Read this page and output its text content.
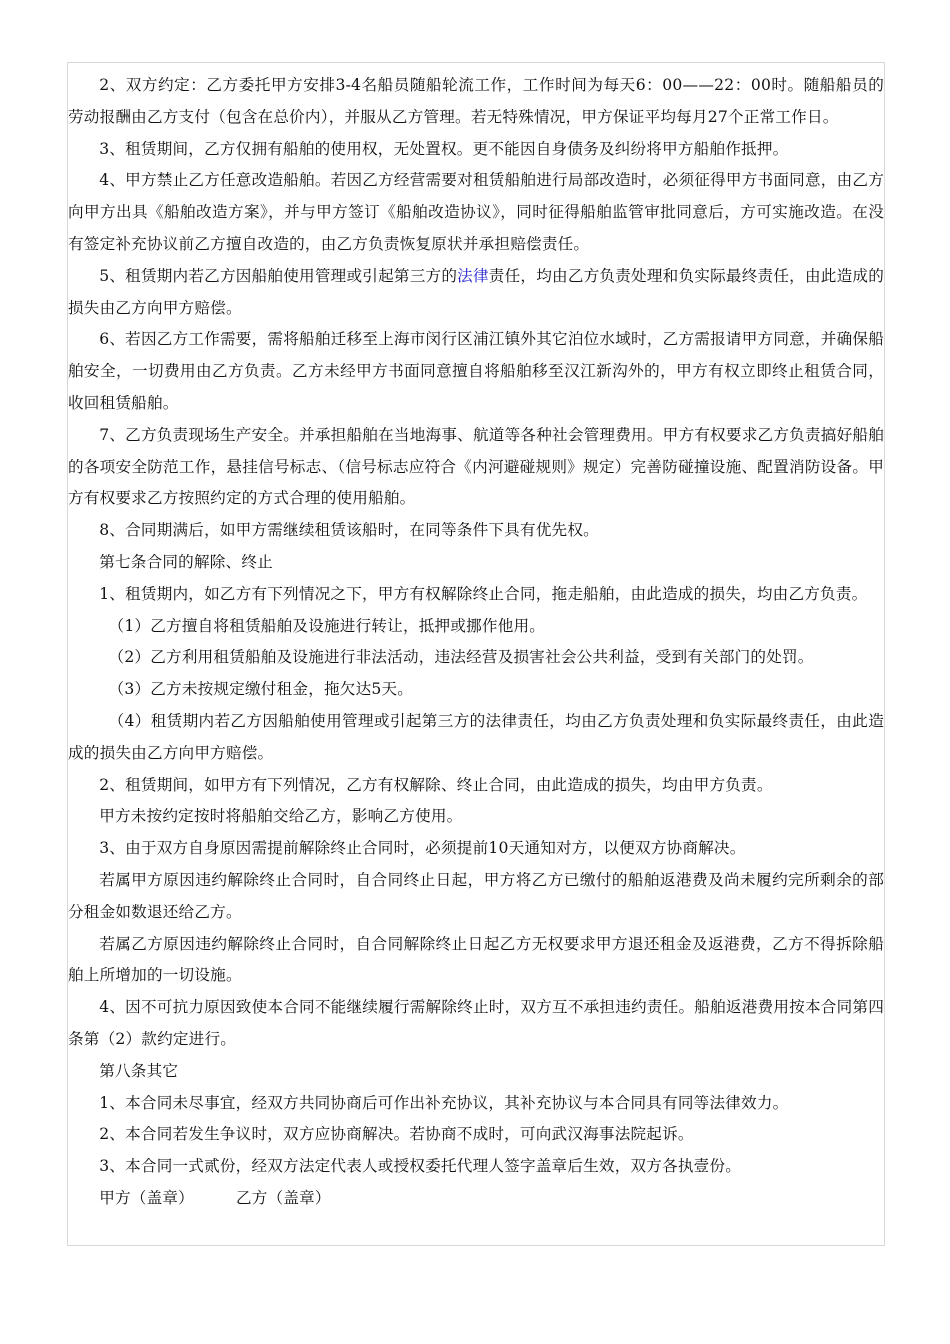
2、双方约定：乙方委托甲方安排3-4名船员随船轮流工作，工作时间为每天6：00——22：00时。随船船员的劳动报酬由乙方支付（包含在总价内），并服从乙方管理。若无特殊情况，甲方保证平均每月27个正常工作日。

3、租赁期间，乙方仅拥有船舶的使用权，无处置权。更不能因自身债务及纠纷将甲方船舶作抵押。

4、甲方禁止乙方任意改造船舶。若因乙方经营需要对租赁船舶进行局部改造时，必须征得甲方书面同意，由乙方向甲方出具《船舶改造方案》，并与甲方签订《船舶改造协议》，同时征得船舶监管审批同意后，方可实施改造。在没有签定补充协议前乙方擅自改造的，由乙方负责恢复原状并承担赔偿责任。

5、租赁期内若乙方因船舶使用管理或引起第三方的法律责任，均由乙方负责处理和负实际最终责任，由此造成的损失由乙方向甲方赔偿。

6、若因乙方工作需要，需将船舶迁移至上海市闵行区浦江镇外其它泊位水域时，乙方需报请甲方同意，并确保船舶安全，一切费用由乙方负责。乙方未经甲方书面同意擅自将船舶移至汉江新沟外的，甲方有权立即终止租赁合同，收回租赁船舶。

7、乙方负责现场生产安全。并承担船舶在当地海事、航道等各种社会管理费用。甲方有权要求乙方负责搞好船舶的各项安全防范工作，悬挂信号标志、（信号标志应符合《内河避碰规则》规定）完善防碰撞设施、配置消防设备。甲方有权要求乙方按照约定的方式合理的使用船舶。

8、合同期满后，如甲方需继续租赁该船时，在同等条件下具有优先权。

第七条合同的解除、终止

1、租赁期内，如乙方有下列情况之下，甲方有权解除终止合同，拖走船舶，由此造成的损失，均由乙方负责。

（1）乙方擅自将租赁船舶及设施进行转让，抵押或挪作他用。

（2）乙方利用租赁船舶及设施进行非法活动，违法经营及损害社会公共利益，受到有关部门的处罚。

（3）乙方未按规定缴付租金，拖欠达5天。

（4）租赁期内若乙方因船舶使用管理或引起第三方的法律责任，均由乙方负责处理和负实际最终责任，由此造成的损失由乙方向甲方赔偿。

2、租赁期间，如甲方有下列情况，乙方有权解除、终止合同，由此造成的损失，均由甲方负责。

甲方未按约定按时将船舶交给乙方，影响乙方使用。

3、由于双方自身原因需提前解除终止合同时，必须提前10天通知对方，以便双方协商解决。

若属甲方原因违约解除终止合同时，自合同终止日起，甲方将乙方已缴付的船舶返港费及尚未履约完所剩余的部分租金如数退还给乙方。

若属乙方原因违约解除终止合同时，自合同解除终止日起乙方无权要求甲方退还租金及返港费，乙方不得拆除船舶上所增加的一切设施。

4、因不可抗力原因致使本合同不能继续履行需解除终止时，双方互不承担违约责任。船舶返港费用按本合同第四条第（2）款约定进行。

第八条其它

1、本合同未尽事宜，经双方共同协商后可作出补充协议，其补充协议与本合同具有同等法律效力。

2、本合同若发生争议时，双方应协商解决。若协商不成时，可向武汉海事法院起诉。

3、本合同一式贰份，经双方法定代表人或授权委托代理人签字盖章后生效，双方各执壹份。

甲方（盖章）	乙方（盖章）
